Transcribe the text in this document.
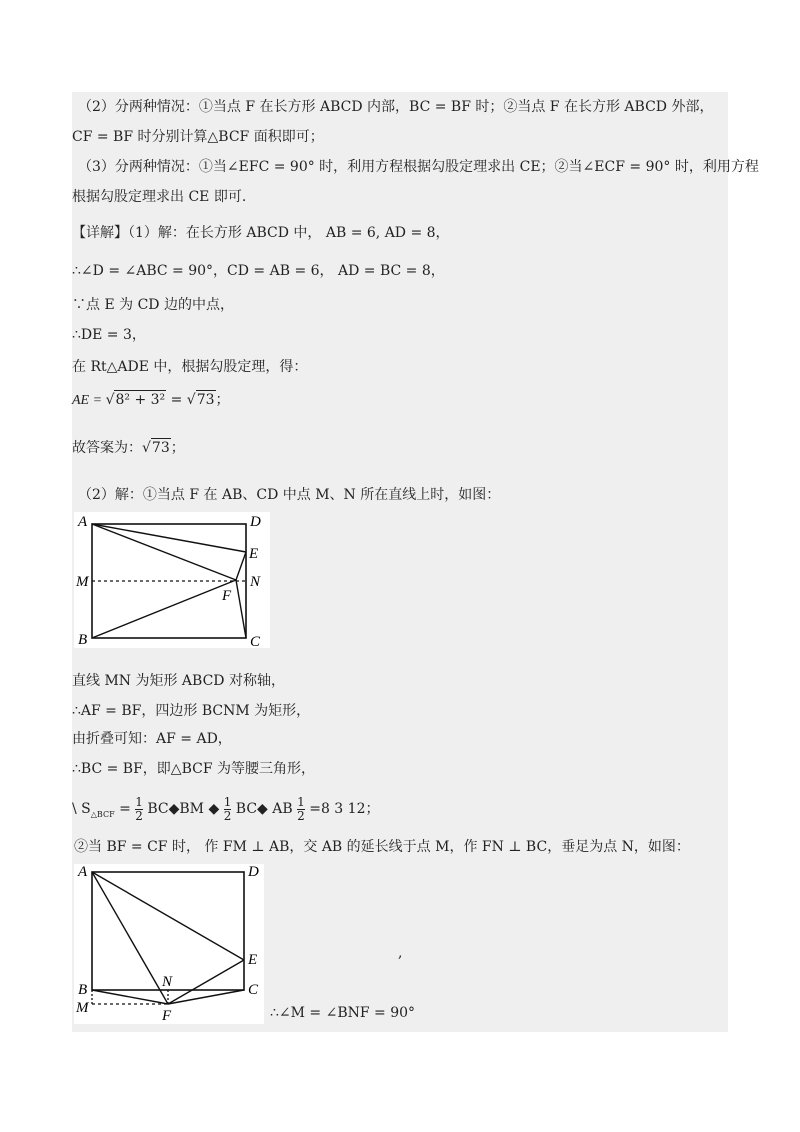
（2）分两种情况：①当点 F 在长方形 ABCD 内部，BC = BF 时；②当点 F 在长方形 ABCD 外部，
CF = BF 时分别计算△BCF 面积即可；
（3）分两种情况：①当∠EFC = 90° 时，利用方程根据勾股定理求出 CE；②当∠ECF = 90° 时，利用方程
根据勾股定理求出 CE 即可.
【详解】（1）解：在长方形 ABCD 中， AB = 6, AD = 8，
∴∠D = ∠ABC = 90°，CD = AB = 6， AD = BC = 8，
∵点 E 为 CD 边的中点，
∴DE = 3，
在 Rt△ADE 中，根据勾股定理，得：
AE = √8² + 3² = √73；
故答案为：√73；
（2）解：①当点 F 在 AB、CD 中点 M、N 所在直线上时，如图：
A	D
E
M	N
F
B	C
直线 MN 为矩形 ABCD 对称轴，
∴AF = BF，四边形 BCNM 为矩形，
由折叠可知：AF = AD，
∴BC = BF，即△BCF 为等腰三角形，
\ $S_{\triangle BCF} = \frac{1}{2}$ BC◆BM ◆ $\frac{1}{2}$ BC◆ AB $\frac{1}{2} =8$ 3 12；
②当 BF = CF 时， 作 FM ⊥ AB，交 AB 的延长线于点 M，作 FN ⊥ BC，垂足为点 N，如图：
A	D
E
N
B	C
M	F
,
∴∠M = ∠BNF = 90°
